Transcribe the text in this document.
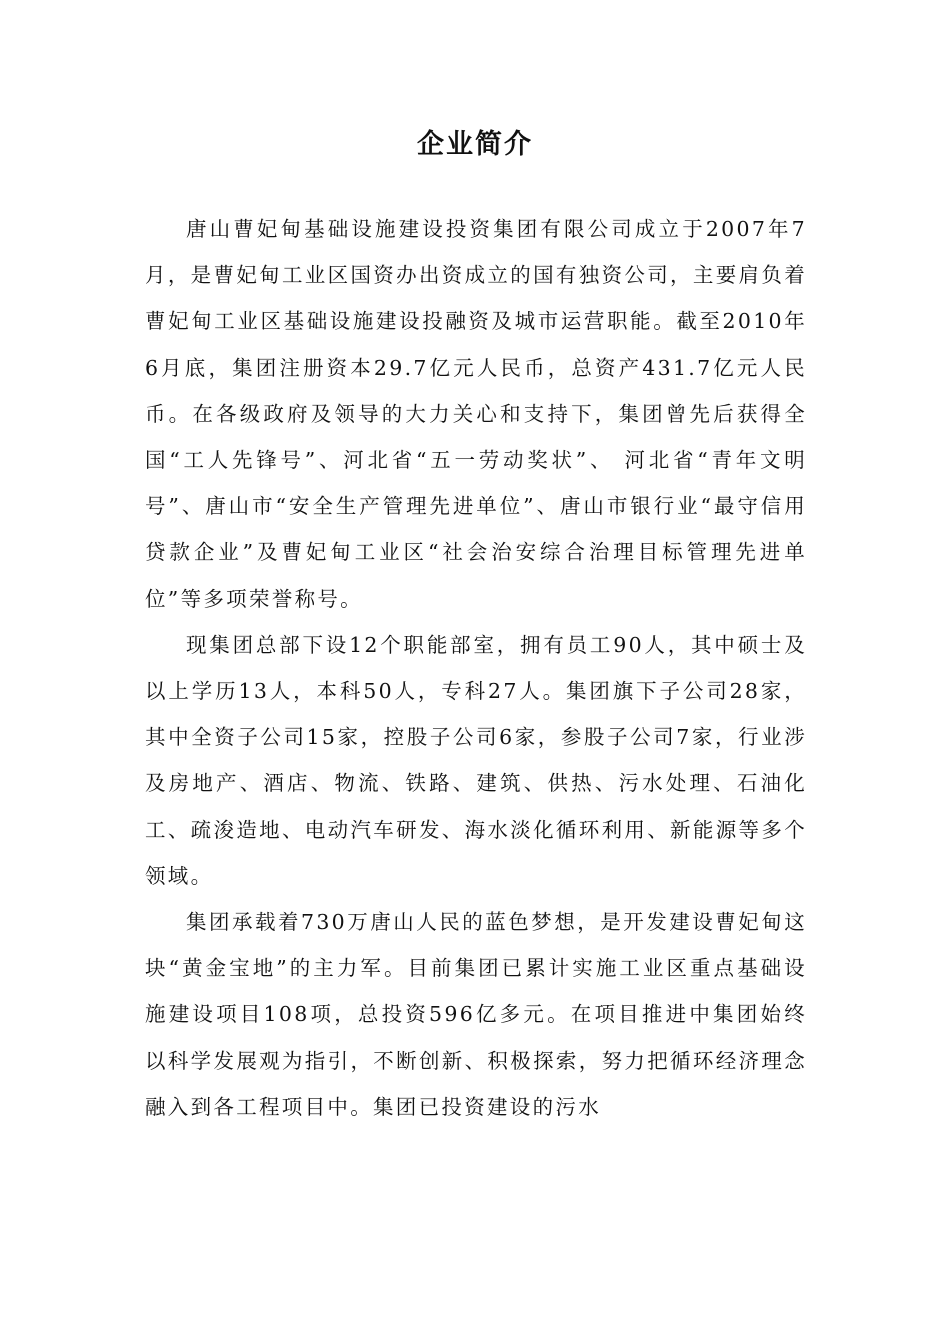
企业简介

唐山曹妃甸基础设施建设投资集团有限公司成立于2007年7月，是曹妃甸工业区国资办出资成立的国有独资公司，主要肩负着曹妃甸工业区基础设施建设投融资及城市运营职能。截至2010年6月底，集团注册资本29.7亿元人民币，总资产431.7亿元人民币。在各级政府及领导的大力关心和支持下，集团曾先后获得全国“工人先锋号”、河北省“五一劳动奖状”、 河北省“青年文明号”、唐山市“安全生产管理先进单位”、唐山市银行业“最守信用贷款企业”及曹妃甸工业区“社会治安综合治理目标管理先进单位”等多项荣誉称号。

现集团总部下设12个职能部室，拥有员工90人，其中硕士及以上学历13人，本科50人，专科27人。集团旗下子公司28家，其中全资子公司15家，控股子公司6家，参股子公司7家，行业涉及房地产、酒店、物流、铁路、建筑、供热、污水处理、石油化工、疏浚造地、电动汽车研发、海水淡化循环利用、新能源等多个领域。

集团承载着730万唐山人民的蓝色梦想，是开发建设曹妃甸这块“黄金宝地”的主力军。目前集团已累计实施工业区重点基础设施建设项目108项，总投资596亿多元。在项目推进中集团始终以科学发展观为指引，不断创新、积极探索，努力把循环经济理念融入到各工程项目中。集团已投资建设的污水
